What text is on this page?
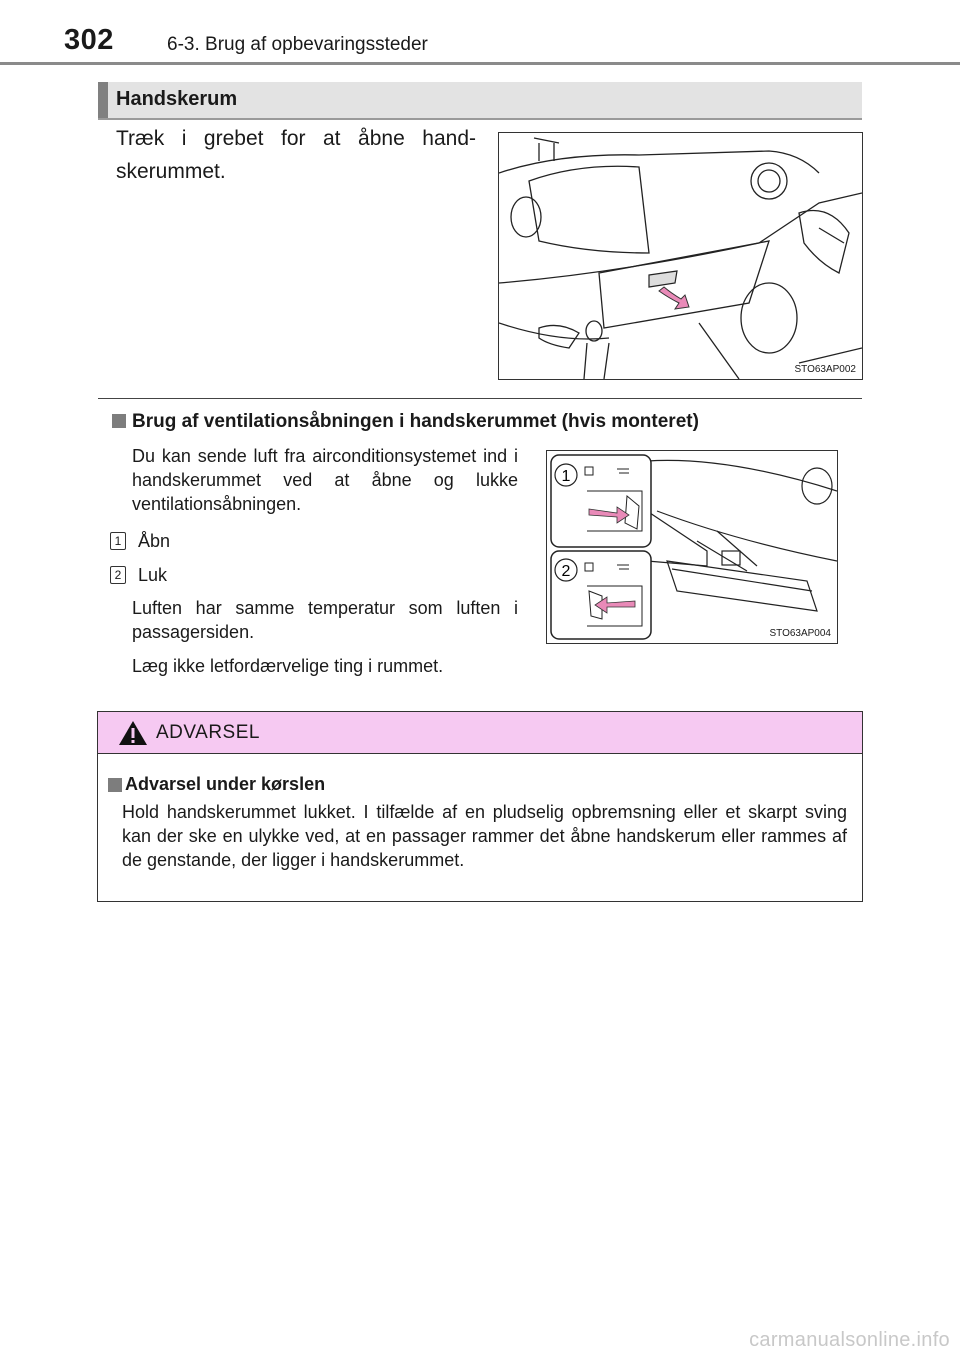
302	6-3. Brug af opbevaringssteder
Handskerum
Træk i grebet for at åbne hand-skerummet.
STO63AP002
Brug af ventilationsåbningen i handskerummet (hvis monteret)
Du kan sende luft fra airconditionsystemet ind i handskerummet ved at åbne og lukke ventilationsåbningen.
1 Åbn
2 Luk
Luften har samme temperatur som luften i passagersiden.
Læg ikke letfordærvelige ting i rummet.
1
2
STO63AP004
ADVARSEL
Advarsel under kørslen
Hold handskerummet lukket. I tilfælde af en pludselig opbremsning eller et skarpt sving kan der ske en ulykke ved, at en passager rammer det åbne handskerum eller rammes af de genstande, der ligger i handskerummet.
carmanualsonline.info
